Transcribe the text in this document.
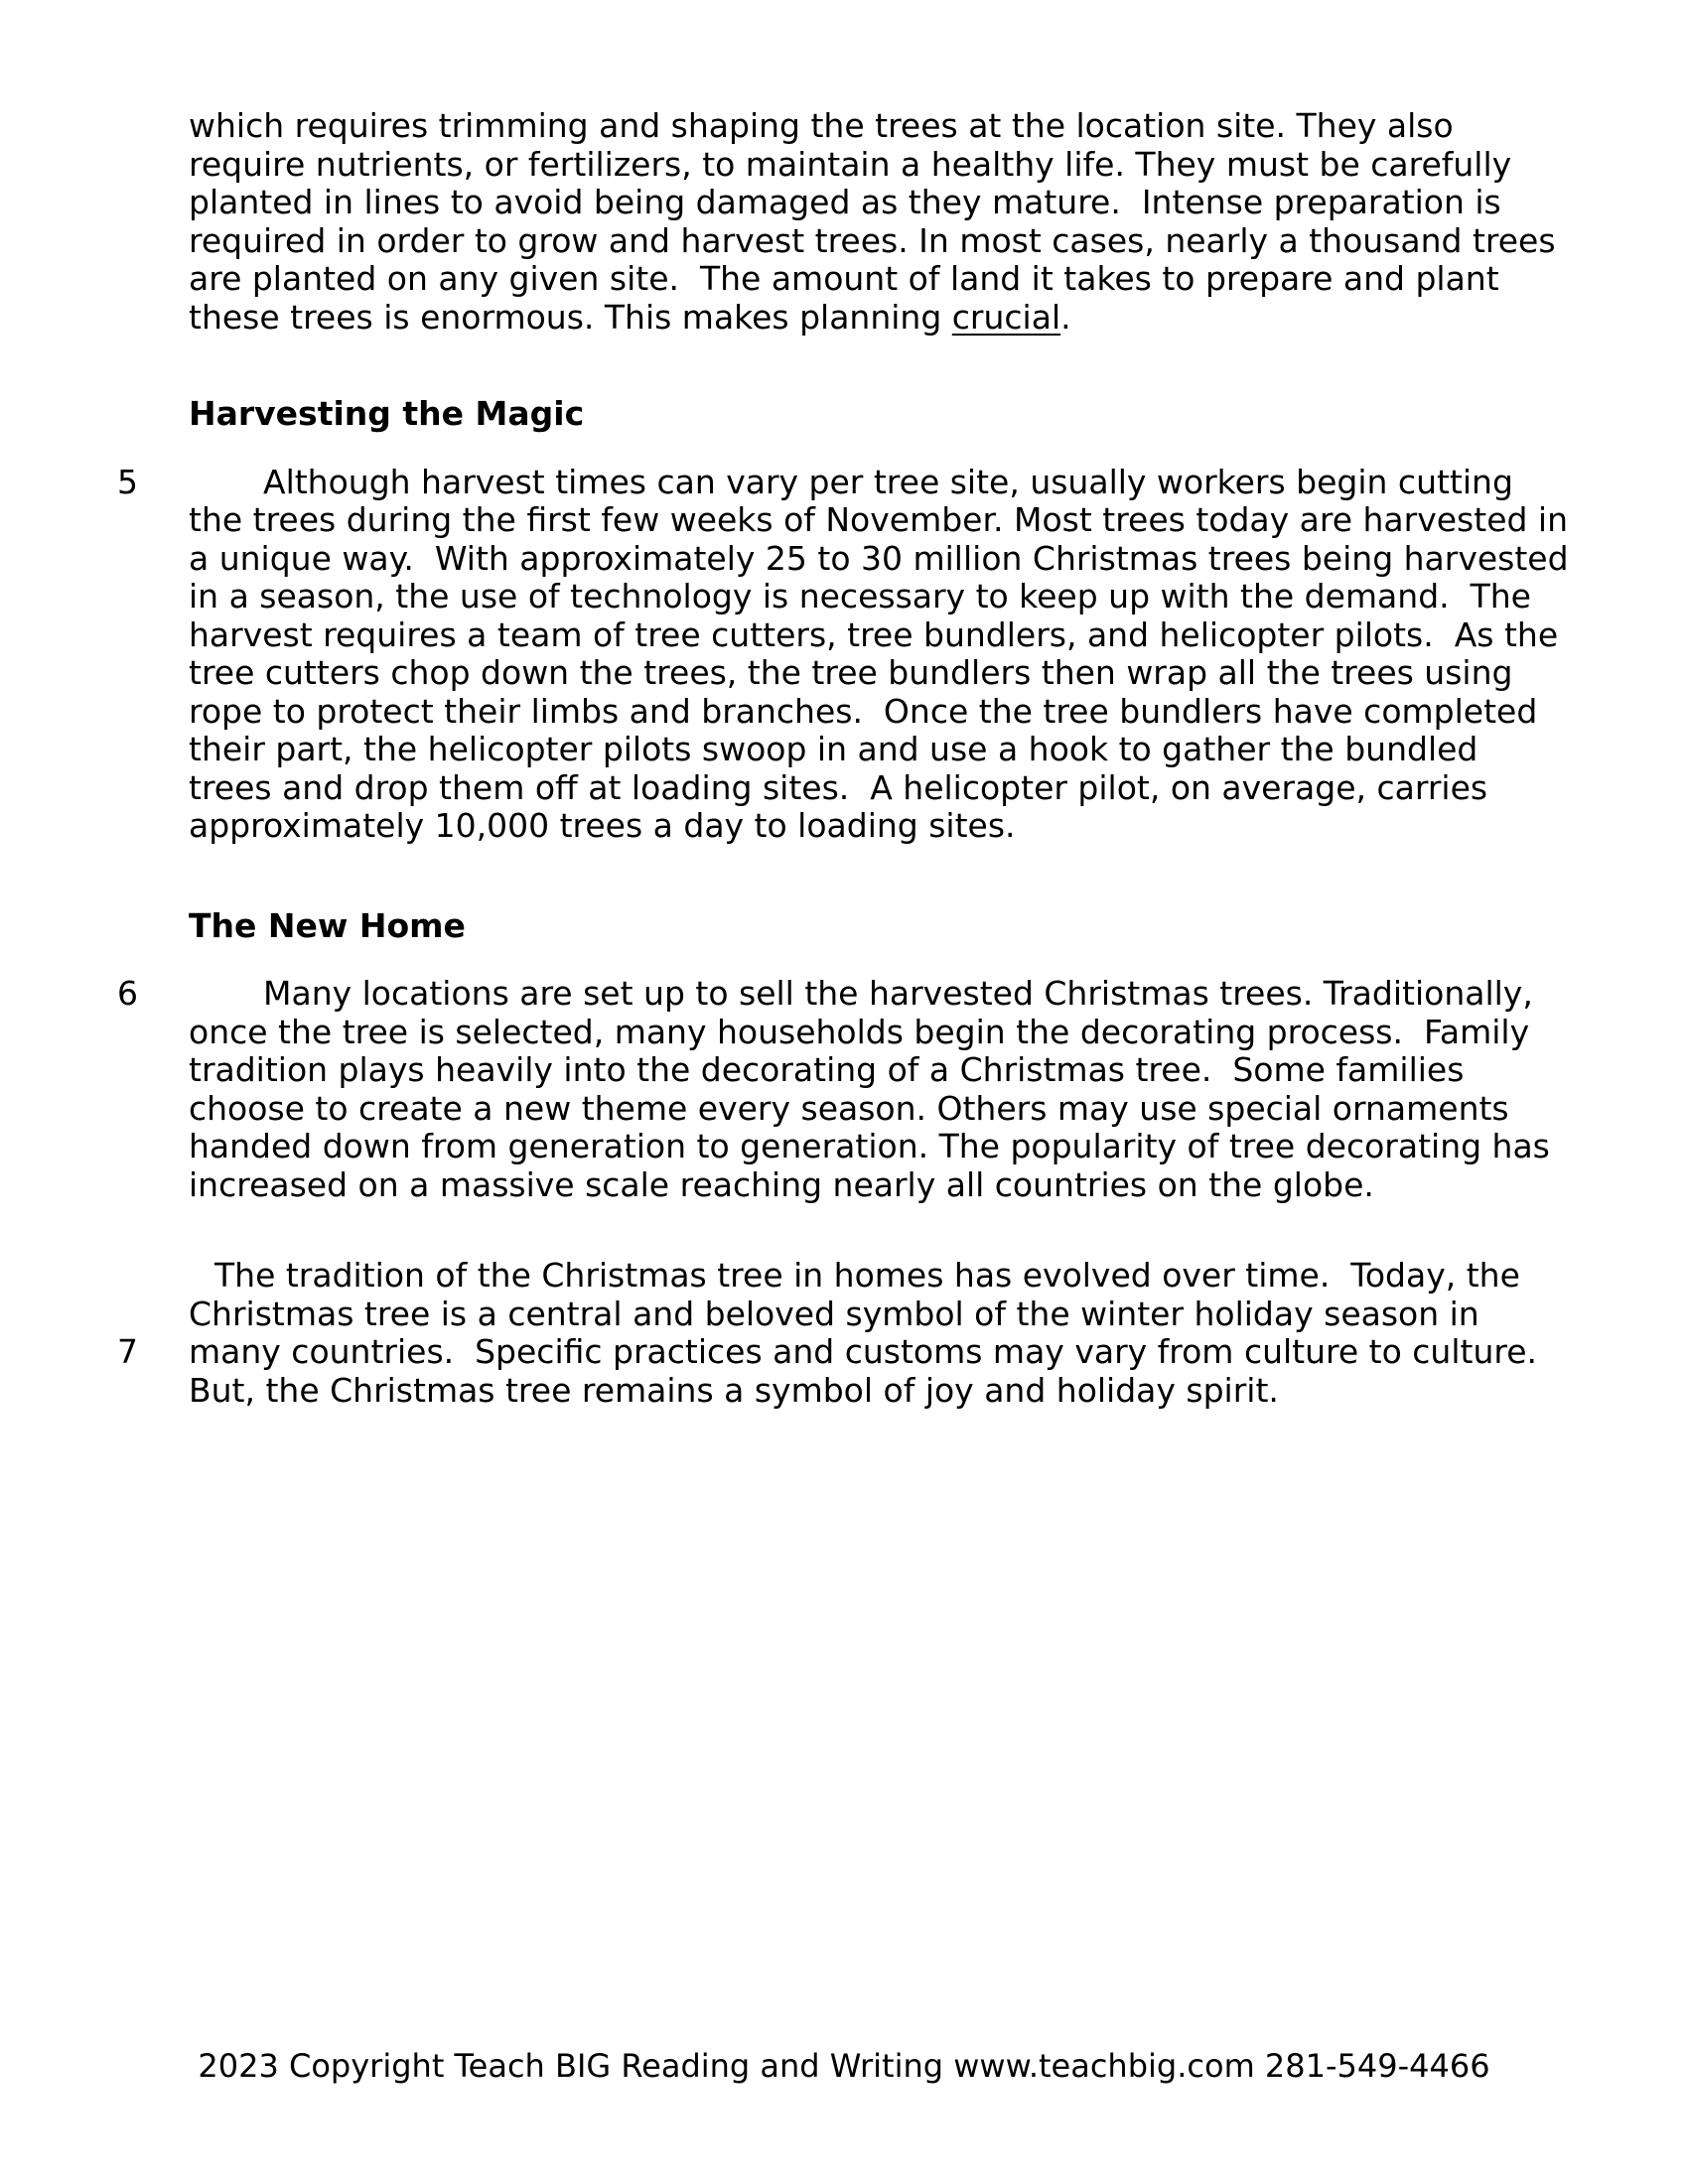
which requires trimming and shaping the trees at the location site. They also require nutrients, or fertilizers, to maintain a healthy life. They must be carefully planted in lines to avoid being damaged as they mature.  Intense preparation is required in order to grow and harvest trees. In most cases, nearly a thousand trees are planted on any given site.  The amount of land it takes to prepare and plant these trees is enormous. This makes planning crucial.

Harvesting the Magic
5	Although harvest times can vary per tree site, usually workers begin cutting the trees during the first few weeks of November. Most trees today are harvested in a unique way.  With approximately 25 to 30 million Christmas trees being harvested in a season, the use of technology is necessary to keep up with the demand.  The harvest requires a team of tree cutters, tree bundlers, and helicopter pilots.  As the tree cutters chop down the trees, the tree bundlers then wrap all the trees using rope to protect their limbs and branches.  Once the tree bundlers have completed their part, the helicopter pilots swoop in and use a hook to gather the bundled trees and drop them off at loading sites.  A helicopter pilot, on average, carries approximately 10,000 trees a day to loading sites.

The New Home
6	Many locations are set up to sell the harvested Christmas trees. Traditionally, once the tree is selected, many households begin the decorating process.  Family tradition plays heavily into the decorating of a Christmas tree.  Some families choose to create a new theme every season. Others may use special ornaments handed down from generation to generation. The popularity of tree decorating has increased on a massive scale reaching nearly all countries on the globe.

7

The tradition of the Christmas tree in homes has evolved over time.  Today, the Christmas tree is a central and beloved symbol of the winter holiday season in many countries.  Specific practices and customs may vary from culture to culture. But, the Christmas tree remains a symbol of joy and holiday spirit.

2023 Copyright Teach BIG Reading and Writing www.teachbig.com 281-549-4466
